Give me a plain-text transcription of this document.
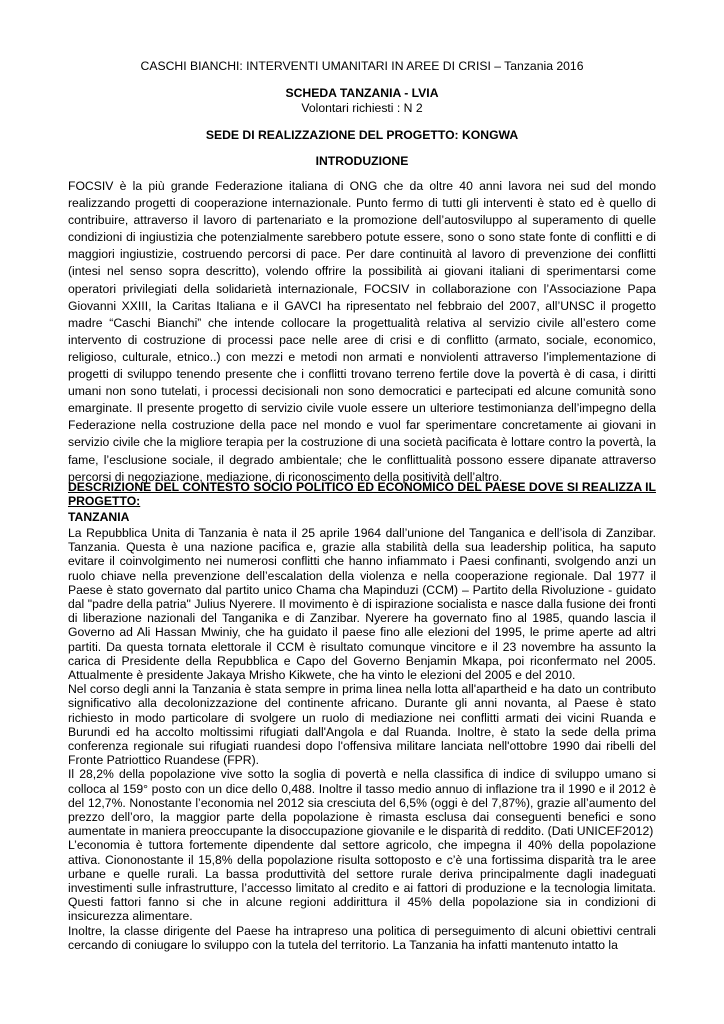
CASCHI BIANCHI: INTERVENTI UMANITARI IN AREE DI CRISI – Tanzania 2016

SCHEDA TANZANIA - LVIA

Volontari richiesti : N 2

SEDE DI REALIZZAZIONE DEL PROGETTO: KONGWA

INTRODUZIONE

FOCSIV è la più grande Federazione italiana di ONG che da oltre 40 anni lavora nei sud del mondo realizzando progetti di cooperazione internazionale. Punto fermo di tutti gli interventi è stato ed è quello di contribuire, attraverso il lavoro di partenariato e la promozione dell’autosviluppo al superamento di quelle condizioni di ingiustizia che potenzialmente sarebbero potute essere, sono o sono state fonte di conflitti e di maggiori ingiustizie, costruendo percorsi di pace. Per dare continuità al lavoro di prevenzione dei conflitti (intesi nel senso sopra descritto), volendo offrire la possibilità ai giovani italiani di sperimentarsi come operatori privilegiati della solidarietà internazionale, FOCSIV in collaborazione con l’Associazione Papa Giovanni XXIII, la Caritas Italiana e il GAVCI ha ripresentato nel febbraio del 2007, all’UNSC il progetto madre “Caschi Bianchi” che intende collocare la progettualità relativa al servizio civile all’estero come intervento di costruzione di processi pace nelle aree di crisi e di conflitto (armato, sociale, economico, religioso, culturale, etnico..) con mezzi e metodi non armati e nonviolenti attraverso l’implementazione di progetti di sviluppo tenendo presente che i conflitti trovano terreno fertile dove la povertà è di casa, i diritti umani non sono tutelati, i processi decisionali non sono democratici e partecipati ed alcune comunità sono emarginate. Il presente progetto di servizio civile vuole essere un ulteriore testimonianza dell’impegno della Federazione nella costruzione della pace nel mondo e vuol far sperimentare concretamente ai giovani in servizio civile che la migliore terapia per la costruzione di una società pacificata è lottare contro la povertà, la fame, l’esclusione sociale, il degrado ambientale; che le conflittualità possono essere dipanate attraverso percorsi di negoziazione, mediazione, di riconoscimento della positività dell’altro.

DESCRIZIONE DEL CONTESTO SOCIO POLITICO ED ECONOMICO DEL PAESE DOVE SI REALIZZA IL PROGETTO:

TANZANIA

La Repubblica Unita di Tanzania è nata il 25 aprile 1964 dall’unione del Tanganica e dell’isola di Zanzibar. Tanzania. Questa è una nazione pacifica e, grazie alla stabilità della sua leadership politica, ha saputo evitare il coinvolgimento nei numerosi conflitti che hanno infiammato i Paesi confinanti, svolgendo anzi un ruolo chiave nella prevenzione dell’escalation della violenza e nella cooperazione regionale. Dal 1977 il Paese è stato governato dal partito unico Chama cha Mapinduzi (CCM) – Partito della Rivoluzione - guidato dal "padre della patria" Julius Nyerere. Il movimento è di ispirazione socialista e nasce dalla fusione dei fronti di liberazione nazionali del Tanganika e di Zanzibar. Nyerere ha governato fino al 1985, quando lascia il Governo ad Ali Hassan Mwiniy, che ha guidato il paese fino alle elezioni del 1995, le prime aperte ad altri partiti. Da questa tornata elettorale il CCM è risultato comunque vincitore e il 23 novembre ha assunto la carica di Presidente della Repubblica e Capo del Governo Benjamin Mkapa, poi riconfermato nel 2005. Attualmente è presidente Jakaya Mrisho Kikwete, che ha vinto le elezioni del 2005 e del 2010.

Nel corso degli anni la Tanzania è stata sempre in prima linea nella lotta all'apartheid e ha dato un contributo significativo alla decolonizzazione del continente africano. Durante gli anni novanta, al Paese è stato richiesto in modo particolare di svolgere un ruolo di mediazione nei conflitti armati dei vicini Ruanda e Burundi ed ha accolto moltissimi rifugiati dall'Angola e dal Ruanda. Inoltre, è stato la sede della prima conferenza regionale sui rifugiati ruandesi dopo l'offensiva militare lanciata nell'ottobre 1990 dai ribelli del Fronte Patriottico Ruandese (FPR).

Il 28,2% della popolazione vive sotto la soglia di povertà e nella classifica di indice di sviluppo umano si colloca al 159° posto con un dice dello 0,488. Inoltre il tasso medio annuo di inflazione tra il 1990 e il 2012 è del 12,7%. Nonostante l’economia nel 2012 sia cresciuta del 6,5% (oggi è del 7,87%), grazie all’aumento del prezzo dell’oro, la maggior parte della popolazione è rimasta esclusa dai conseguenti benefici e sono aumentate in maniera preoccupante la disoccupazione giovanile e le disparità di reddito. (Dati UNICEF2012)

L’economia è tuttora fortemente dipendente dal settore agricolo, che impegna il 40% della popolazione attiva. Ciononostante il 15,8% della popolazione risulta sottoposto e c’è una fortissima disparità tra le aree urbane e quelle rurali. La bassa produttività del settore rurale deriva principalmente dagli inadeguati investimenti sulle infrastrutture, l’accesso limitato al credito e ai fattori di produzione e la tecnologia limitata. Questi fattori fanno si che in alcune regioni addirittura il 45% della popolazione sia in condizioni di insicurezza alimentare.

Inoltre, la classe dirigente del Paese ha intrapreso una politica di perseguimento di alcuni obiettivi centrali cercando di coniugare lo sviluppo con la tutela del territorio. La Tanzania ha infatti mantenuto intatto la
